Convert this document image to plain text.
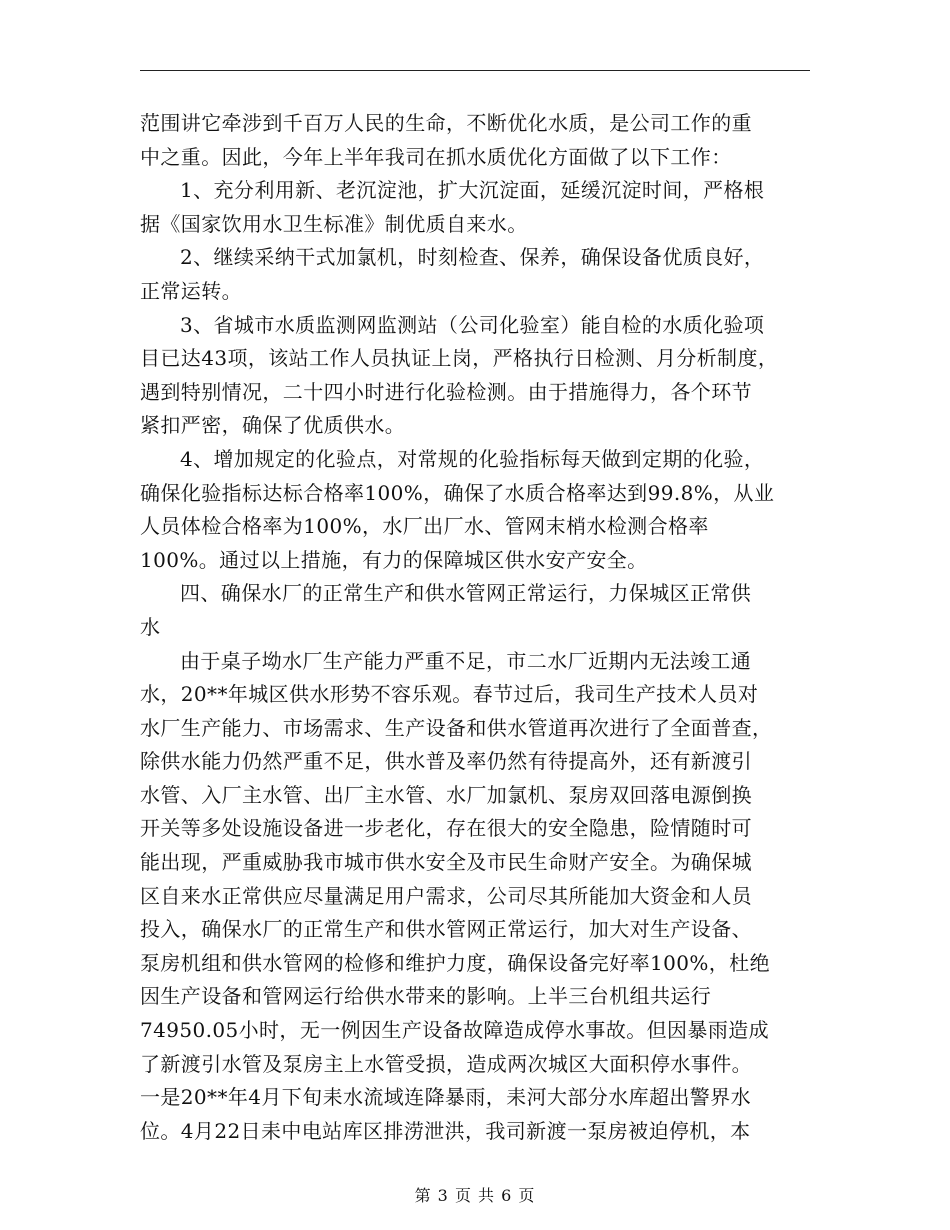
范围讲它牵涉到千百万人民的生命，不断优化水质，是公司工作的重
中之重。因此，今年上半年我司在抓水质优化方面做了以下工作：
1、充分利用新、老沉淀池，扩大沉淀面，延缓沉淀时间，严格根
据《国家饮用水卫生标准》制优质自来水。
2、继续采纳干式加氯机，时刻检查、保养，确保设备优质良好，
正常运转。
3、省城市水质监测网监测站（公司化验室）能自检的水质化验项
目已达43项，该站工作人员执证上岗，严格执行日检测、月分析制度，
遇到特别情况，二十四小时进行化验检测。由于措施得力，各个环节
紧扣严密，确保了优质供水。
4、增加规定的化验点，对常规的化验指标每天做到定期的化验，
确保化验指标达标合格率100%，确保了水质合格率达到99.8%，从业
人员体检合格率为100%，水厂出厂水、管网末梢水检测合格率
100%。通过以上措施，有力的保障城区供水安产安全。
四、确保水厂的正常生产和供水管网正常运行，力保城区正常供
水
由于桌子坳水厂生产能力严重不足，市二水厂近期内无法竣工通
水，20**年城区供水形势不容乐观。春节过后，我司生产技术人员对
水厂生产能力、市场需求、生产设备和供水管道再次进行了全面普查，
除供水能力仍然严重不足，供水普及率仍然有待提高外，还有新渡引
水管、入厂主水管、出厂主水管、水厂加氯机、泵房双回落电源倒换
开关等多处设施设备进一步老化，存在很大的安全隐患，险情随时可
能出现，严重威胁我市城市供水安全及市民生命财产安全。为确保城
区自来水正常供应尽量满足用户需求，公司尽其所能加大资金和人员
投入，确保水厂的正常生产和供水管网正常运行，加大对生产设备、
泵房机组和供水管网的检修和维护力度，确保设备完好率100%，杜绝
因生产设备和管网运行给供水带来的影响。上半三台机组共运行
74950.05小时，无一例因生产设备故障造成停水事故。但因暴雨造成
了新渡引水管及泵房主上水管受损，造成两次城区大面积停水事件。
一是20**年4月下旬耒水流域连降暴雨，耒河大部分水库超出警界水
位。4月22日耒中电站库区排涝泄洪，我司新渡一泵房被迫停机，本
第 3 页 共 6 页
